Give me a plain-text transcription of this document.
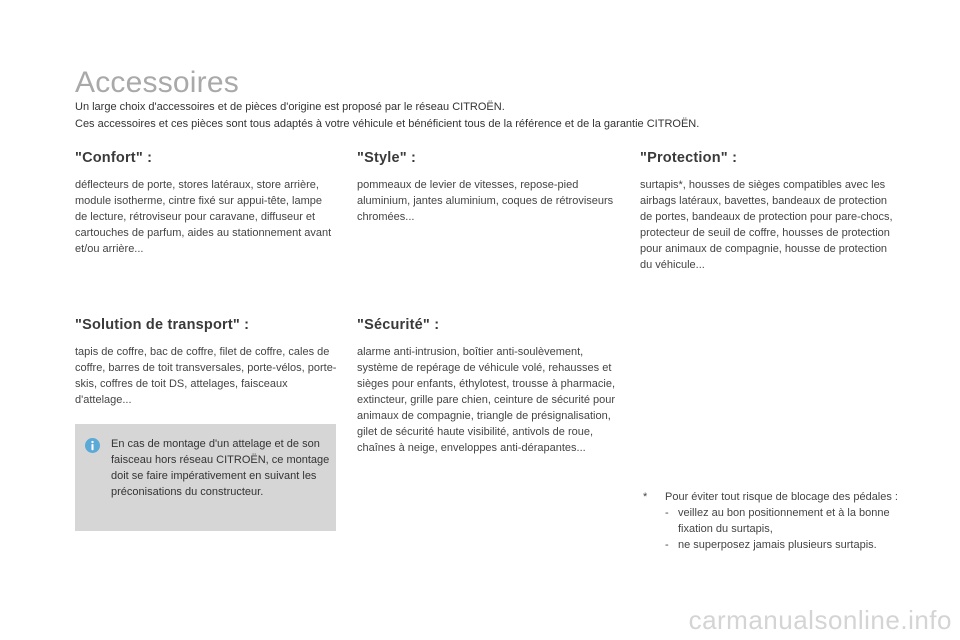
Accessoires
Un large choix d'accessoires et de pièces d'origine est proposé par le réseau CITROËN.
Ces accessoires et ces pièces sont tous adaptés à votre véhicule et bénéficient tous de la référence et de la garantie CITROËN.
"Confort" :

déflecteurs de porte, stores latéraux, store arrière, module isotherme, cintre fixé sur appui-tête, lampe de lecture, rétroviseur pour caravane, diffuseur et cartouches de parfum, aides au stationnement avant et/ou arrière...

"Style" :

pommeaux de levier de vitesses, repose-pied aluminium, jantes aluminium, coques de rétroviseurs chromées...

"Protection" :

surtapis*, housses de sièges compatibles avec les airbags latéraux, bavettes, bandeaux de protection de portes, bandeaux de protection pour pare-chocs, protecteur de seuil de coffre, housses de protection pour animaux de compagnie, housse de protection du véhicule...

"Solution de transport" :

tapis de coffre, bac de coffre, filet de coffre, cales de coffre, barres de toit transversales, porte-vélos, porte-skis, coffres de toit DS, attelages, faisceaux d'attelage...

"Sécurité" :

alarme anti-intrusion, boîtier anti-soulèvement, système de repérage de véhicule volé, rehausses et sièges pour enfants, éthylotest, trousse à pharmacie, extincteur, grille pare chien, ceinture de sécurité pour animaux de compagnie, triangle de présignalisation, gilet de sécurité haute visibilité, antivols de roue, chaînes à neige, enveloppes anti-dérapantes...

En cas de montage d'un attelage et de son faisceau hors réseau CITROËN, ce montage doit se faire impérativement en suivant les préconisations du constructeur.	* Pour éviter tout risque de blocage des pédales :
- veillez au bon positionnement et à la bonne fixation du surtapis,
- ne superposez jamais plusieurs surtapis.
carmanualsonline.info
